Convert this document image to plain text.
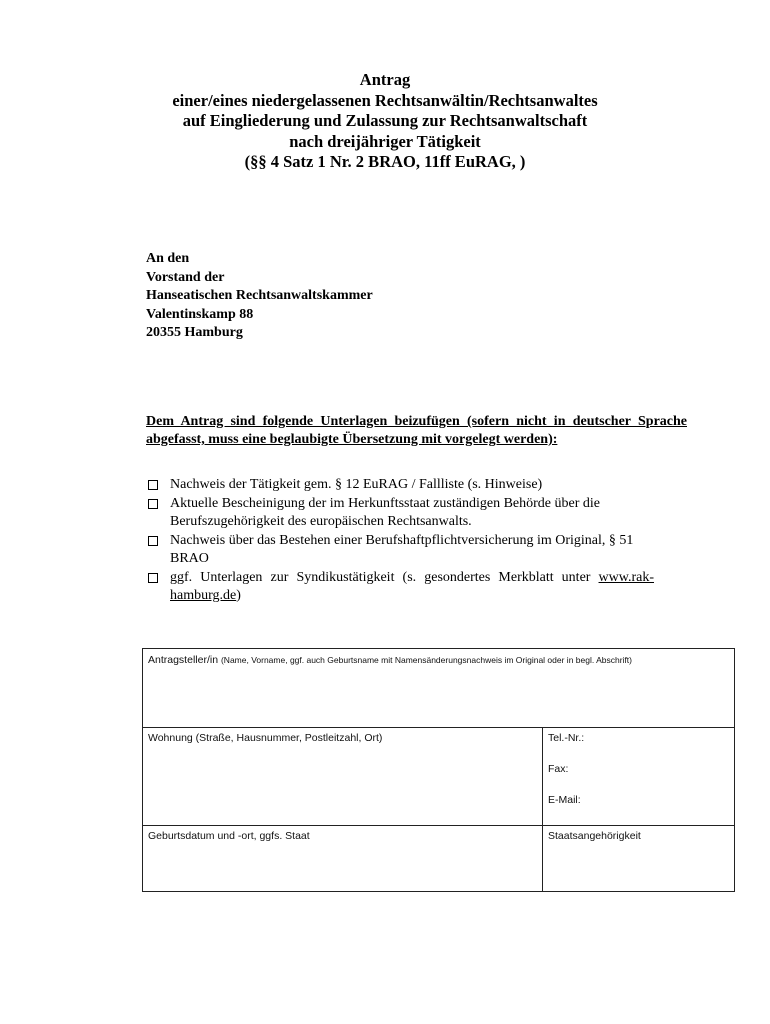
Antrag
einer/eines niedergelassenen Rechtsanwältin/Rechtsanwaltes
auf Eingliederung und Zulassung zur Rechtsanwaltschaft
nach dreijähriger Tätigkeit
(§§ 4 Satz 1 Nr. 2 BRAO, 11ff EuRAG, )
An den
Vorstand der
Hanseatischen Rechtsanwaltskammer
Valentinskamp 88
20355 Hamburg
Dem Antrag sind folgende Unterlagen beizufügen (sofern nicht in deutscher Sprache abgefasst, muss eine beglaubigte Übersetzung mit vorgelegt werden):
Nachweis der Tätigkeit gem. § 12 EuRAG / Fallliste (s. Hinweise)
Aktuelle Bescheinigung der im Herkunftsstaat zuständigen Behörde über die Berufszugehörigkeit des europäischen Rechtsanwalts.
Nachweis über das Bestehen einer Berufshaftpflichtversicherung im Original, § 51 BRAO
ggf. Unterlagen zur Syndikustätigkeit (s. gesondertes Merkblatt unter www.rak-hamburg.de)
Antragsteller/in (Name, Vorname, ggf. auch Geburtsname mit Namensänderungsnachweis im Original oder in begl. Abschrift)	
Wohnung (Straße, Hausnummer, Postleitzahl, Ort)	Tel.-Nr.:
Fax:
E-Mail:

Geburtsdatum und -ort, ggfs. Staat	Staatsangehörigkeit
